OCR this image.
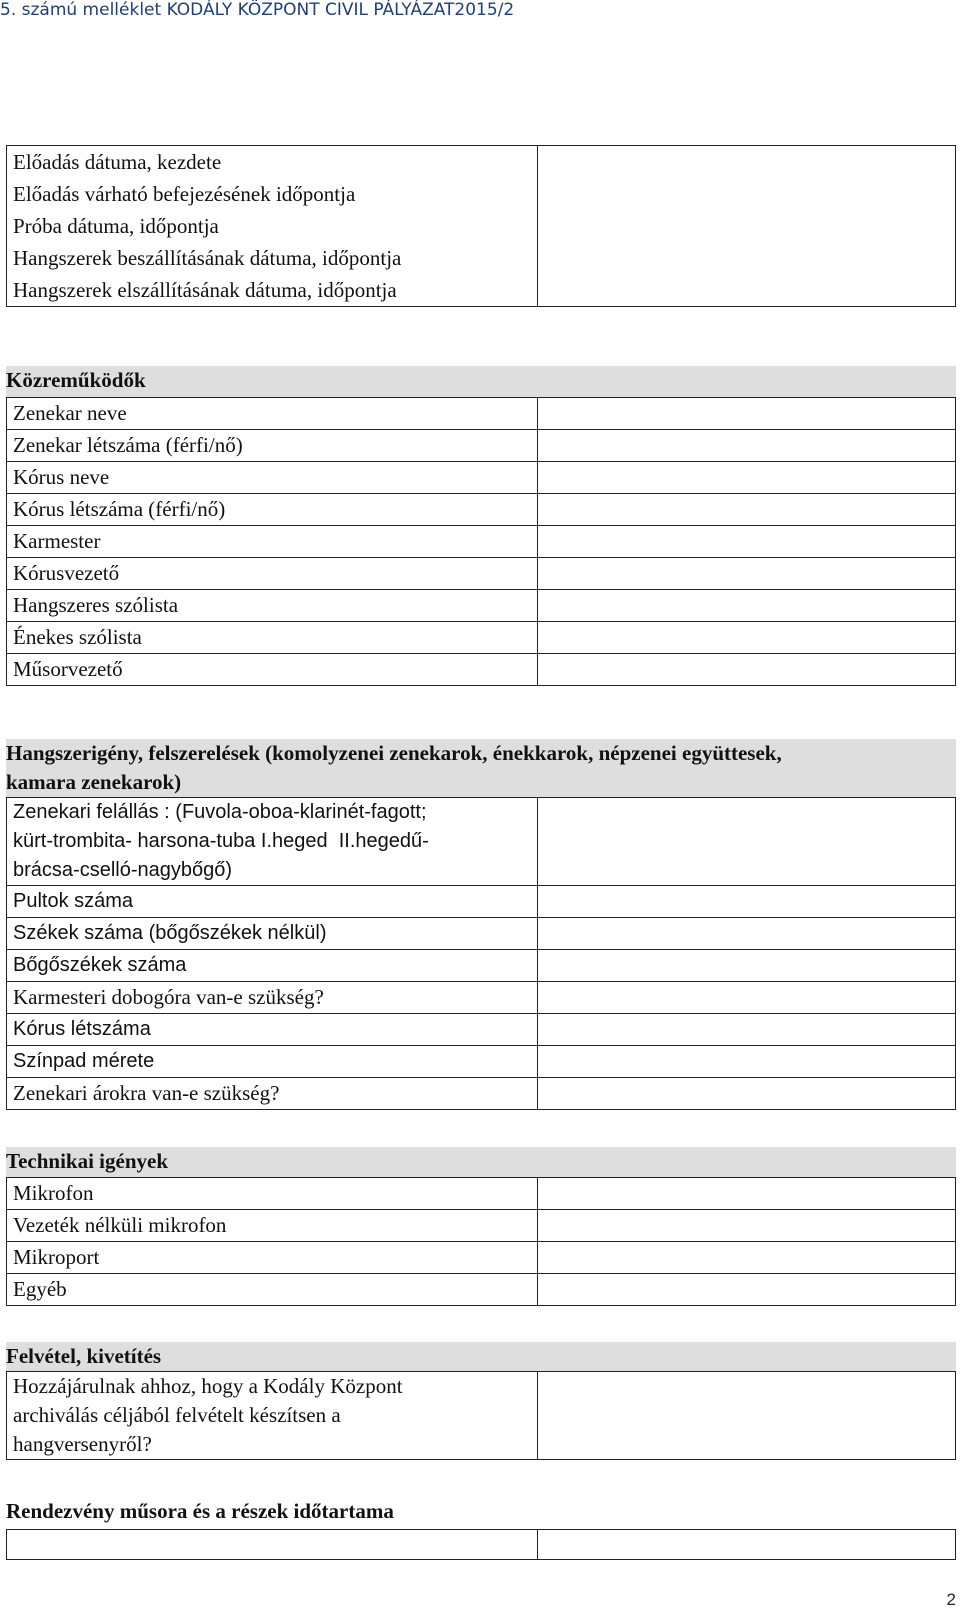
5. számú melléklet KODÁLY KÖZPONT CIVIL PÁLYÁZAT2015/2
Előadás dátuma, kezdete
Előadás várható befejezésének időpontja
Próba dátuma, időpontja
Hangszerek beszállításának dátuma, időpontja
Hangszerek elszállításának dátuma, időpontja

Közreműködők
Zenekar neve	

Zenekar létszáma (férfi/nő)	

Kórus neve	

Kórus létszáma (férfi/nő)	

Karmester	

Kórusvezető	

Hangszeres szólista	

Énekes szólista	

Műsorvezető	

Hangszerigény, felszerelések (komolyzenei zenekarok, énekkarok, népzenei együttesek,
kamara zenekarok)
Zenekari felállás : (Fuvola-oboa-klarinét-fagott;
kürt-trombita- harsona-tuba I.heged  II.hegedű-
brácsa-cselló-nagybőgő)	

Pultok száma	

Székek száma (bőgőszékek nélkül)	

Bőgőszékek száma	

Karmesteri dobogóra van-e szükség?	

Kórus létszáma	

Színpad mérete	

Zenekari árokra van-e szükség?	

Technikai igények
Mikrofon	

Vezeték nélküli mikrofon	

Mikroport	

Egyéb	

Felvétel, kivetítés
Hozzájárulnak ahhoz, hogy a Kodály Központ
archiválás céljából felvételt készítsen a
hangversenyről?

Rendezvény műsora és a részek időtartama

2
